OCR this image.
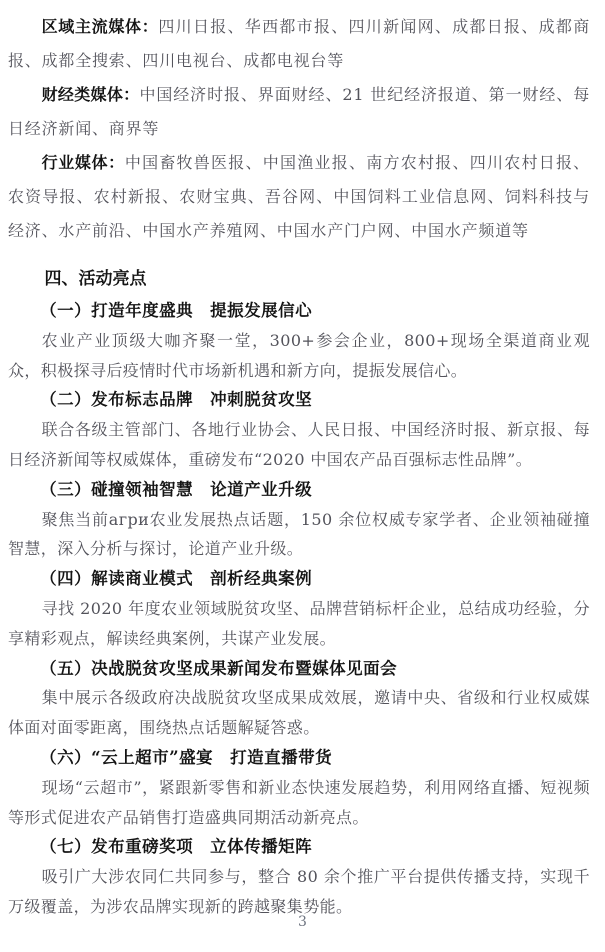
区域主流媒体：四川日报、华西都市报、四川新闻网、成都日报、成都商报、成都全搜索、四川电视台、成都电视台等

财经类媒体：中国经济时报、界面财经、21 世纪经济报道、第一财经、每日经济新闻、商界等

行业媒体：中国畜牧兽医报、中国渔业报、南方农村报、四川农村日报、农资导报、农村新报、农财宝典、吾谷网、中国饲料工业信息网、饲料科技与经济、水产前沿、中国水产养殖网、中国水产门户网、中国水产频道等

四、活动亮点
（一）打造年度盛典　提振发展信心

农业产业顶级大咖齐聚一堂，300+参会企业，800+现场全渠道商业观众，积极探寻后疫情时代市场新机遇和新方向，提振发展信心。

（二）发布标志品牌　冲刺脱贫攻坚

联合各级主管部门、各地行业协会、人民日报、中国经济时报、新京报、每日经济新闻等权威媒体，重磅发布“2020 中国农产品百强标志性品牌”。

（三）碰撞领袖智慧　论道产业升级

聚焦当前агри农业发展热点话题，150 余位权威专家学者、企业领袖碰撞智慧，深入分析与探讨，论道产业升级。

（四）解读商业模式　剖析经典案例

寻找 2020 年度农业领域脱贫攻坚、品牌营销标杆企业，总结成功经验，分享精彩观点，解读经典案例，共谋产业发展。

（五）决战脱贫攻坚成果新闻发布暨媒体见面会

集中展示各级政府决战脱贫攻坚成果成效展，邀请中央、省级和行业权威媒体面对面零距离，围绕热点话题解疑答惑。

（六）“云上超市”盛宴　打造直播带货

现场“云超市”，紧跟新零售和新业态快速发展趋势，利用网络直播、短视频等形式促进农产品销售打造盛典同期活动新亮点。

（七）发布重磅奖项　立体传播矩阵

吸引广大涉农同仁共同参与，整合 80 余个推广平台提供传播支持，实现千万级覆盖，为涉农品牌实现新的跨越聚集势能。

3
